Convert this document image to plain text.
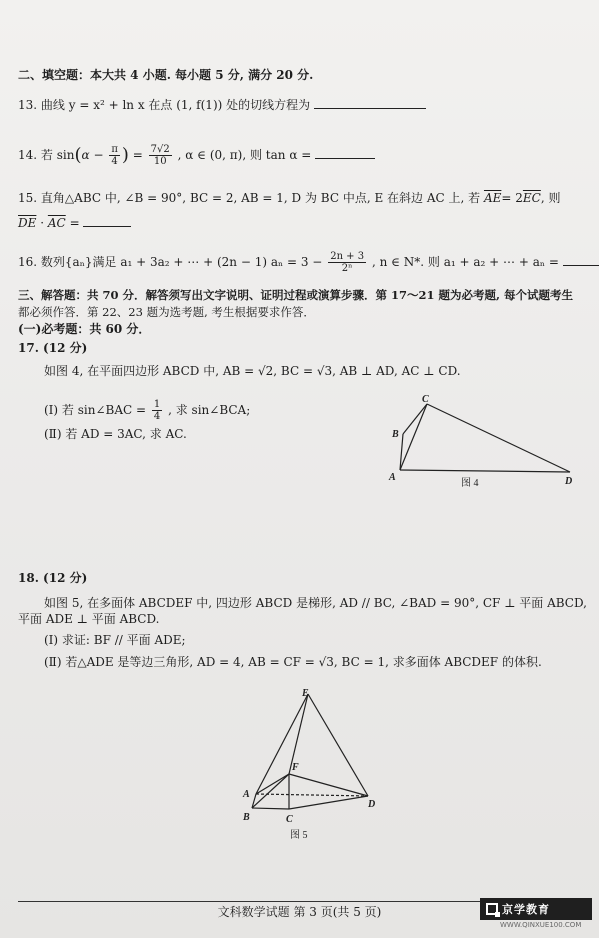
二、填空题：本大共 4 小题. 每小题 5 分, 满分 20 分.
13. 曲线 y = x² + ln x 在点 (1, f(1)) 处的切线方程为
14. 若 $\sin(\alpha - \frac{\pi}{4}$ ) = $\frac{7√2}{10}$ , α ∈ (0, π), 则 tan α =
15. 直角△ABC 中, ∠B = 90°, BC = 2, AB = 1, D 为 BC 中点, E 在斜边 AC 上, 若 $\overline{AE}= 2\overline{EC}$, 则
$\overline{DE} \cdot \overline{AC}$ =
16. 数列{aₙ}满足 a₁ + 3a₂ + ⋯ + (2n − 1) $a_n = 3 - \frac{2n + 3}{\text{2ⁿ}}$ , n ∈ N*. 则 a₁ + a₂ + ⋯ + aₙ =
三、解答题：共 70 分．解答须写出文字说明、证明过程或演算步骤．第 17～21 题为必考题, 每个试题考生
都必须作答．第 22、23 题为选考题, 考生根据要求作答．
(一)必考题：共 60 分．
17. (12 分)
如图 4, 在平面四边形 ABCD 中, AB = √2, BC = √3, AB ⊥ AD, AC ⊥ CD.
(Ⅰ) 若 sin∠BAC = $\frac{1}{4}$ , 求 sin∠BCA;
(Ⅱ) 若 AD = 3AC, 求 AC.
A
B
C
D
图 4
18. (12 分)
如图 5, 在多面体 ABCDEF 中, 四边形 ABCD 是梯形, AD // BC, ∠BAD = 90°, CF ⊥ 平面 ABCD,
平面 ADE ⊥ 平面 ABCD.
(Ⅰ) 求证: BF // 平面 ADE;
(Ⅱ) 若△ADE 是等边三角形, AD = 4, AB = CF = √3, BC = 1, 求多面体 ABCDEF 的体积.
E
F
A
B	C
D
图 5
文科数学试题 第 3 页(共 5 页)	京学教育
WWW.QINXUE100.COM
